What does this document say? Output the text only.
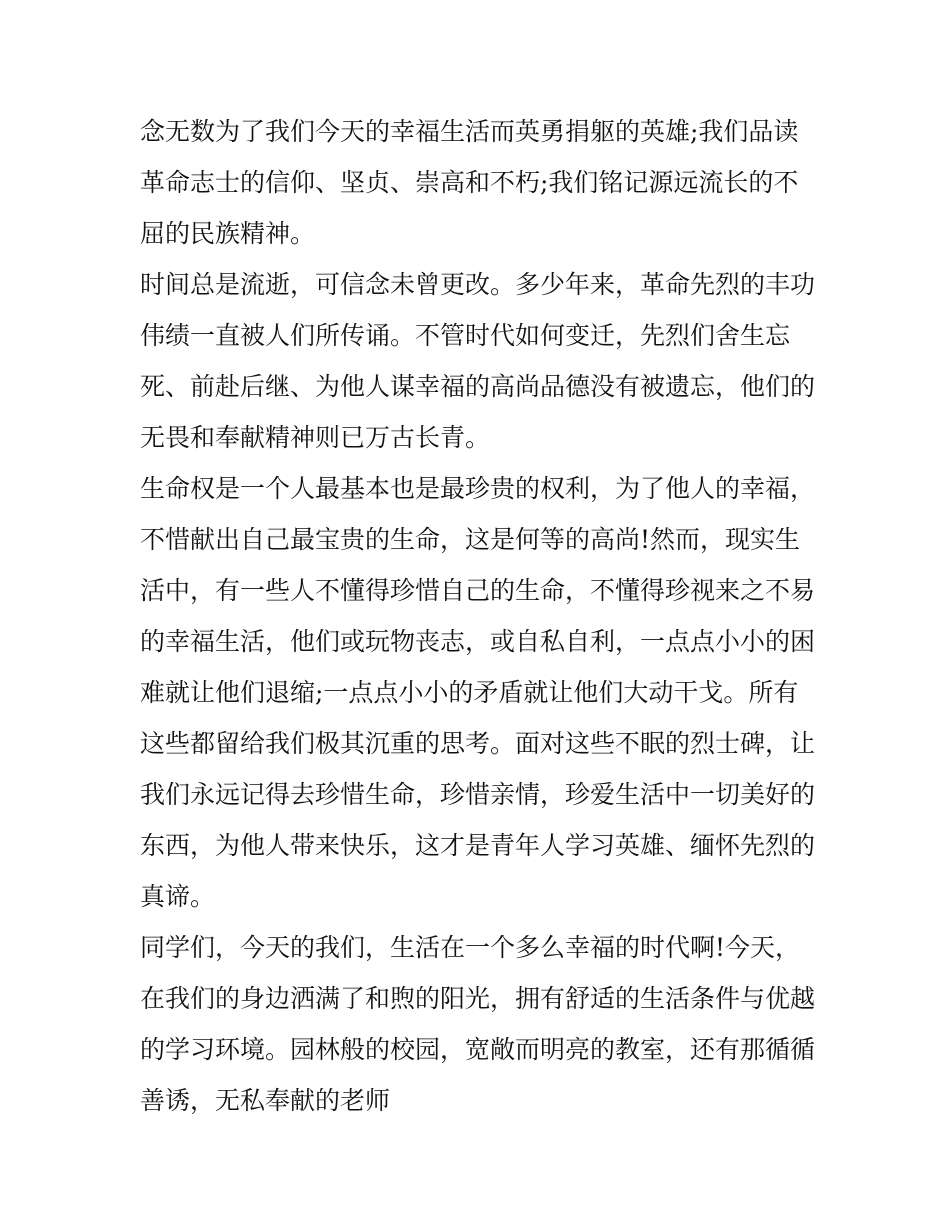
念无数为了我们今天的幸福生活而英勇捐躯的英雄;我们品读
革命志士的信仰、坚贞、崇高和不朽;我们铭记源远流长的不
屈的民族精神。

时间总是流逝，可信念未曾更改。多少年来，革命先烈的丰功
伟绩一直被人们所传诵。不管时代如何变迁，先烈们舍生忘
死、前赴后继、为他人谋幸福的高尚品德没有被遗忘，他们的
无畏和奉献精神则已万古长青。

生命权是一个人最基本也是最珍贵的权利，为了他人的幸福，
不惜献出自己最宝贵的生命，这是何等的高尚!然而，现实生
活中，有一些人不懂得珍惜自己的生命，不懂得珍视来之不易
的幸福生活，他们或玩物丧志，或自私自利，一点点小小的困
难就让他们退缩;一点点小小的矛盾就让他们大动干戈。所有
这些都留给我们极其沉重的思考。面对这些不眠的烈士碑，让
我们永远记得去珍惜生命，珍惜亲情，珍爱生活中一切美好的
东西，为他人带来快乐，这才是青年人学习英雄、缅怀先烈的
真谛。

同学们，今天的我们，生活在一个多么幸福的时代啊!今天，
在我们的身边洒满了和煦的阳光，拥有舒适的生活条件与优越
的学习环境。园林般的校园，宽敞而明亮的教室，还有那循循
善诱，无私奉献的老师
